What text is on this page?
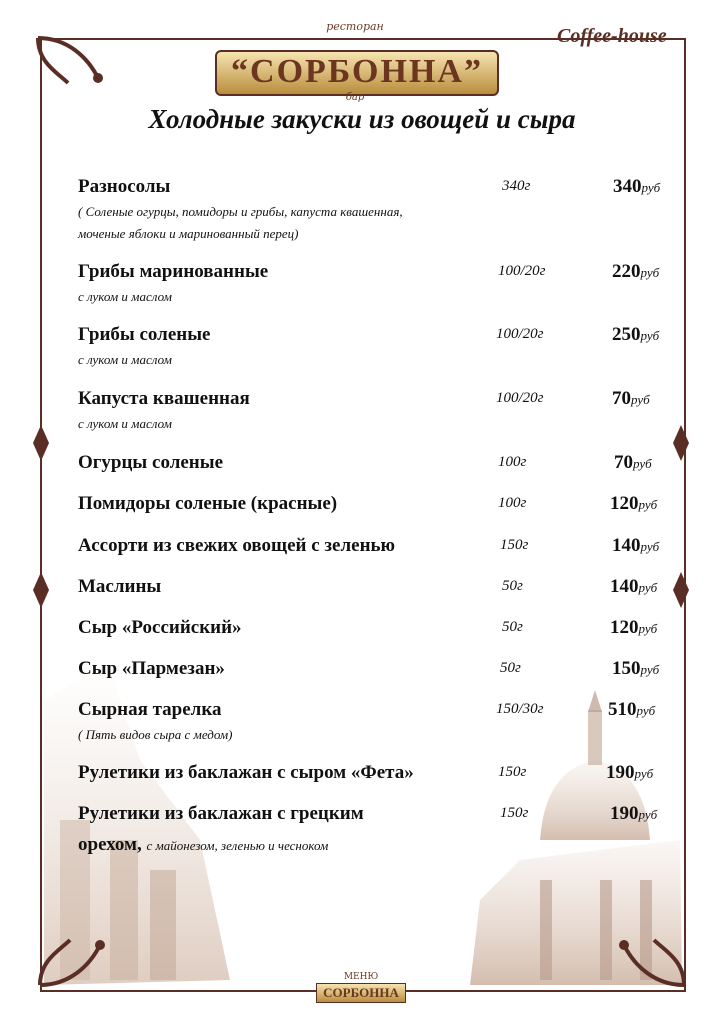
ресторан
“СОРБОННА”
бар
Coffee-house
Холодные закуски из овощей и сыра
Разносолы	340г	340руб
( Соленые огурцы, помидоры и грибы, капуста квашенная,
моченые яблоки и маринованный перец)
Грибы маринованные	100/20г	220руб
с луком и маслом
Грибы соленые	100/20г	250руб
с луком и маслом
Капуста квашенная	100/20г	70руб
с луком и маслом
Огурцы соленые	100г	70руб
Помидоры соленые (красные)	100г	120руб
Ассорти из свежих овощей с зеленью	150г	140руб
Маслины	50г	140руб
Сыр «Российский»	50г	120руб
Сыр «Пармезан»	50г	150руб
Сырная тарелка	150/30г	510руб
( Пять видов сыра с медом)
Рулетики из баклажан с сыром «Фета»	150г	190руб
Рулетики из баклажан с грецким	150г	190руб
орехом, с майонезом, зеленью и чесноком
МЕНЮ
СОРБОННА
